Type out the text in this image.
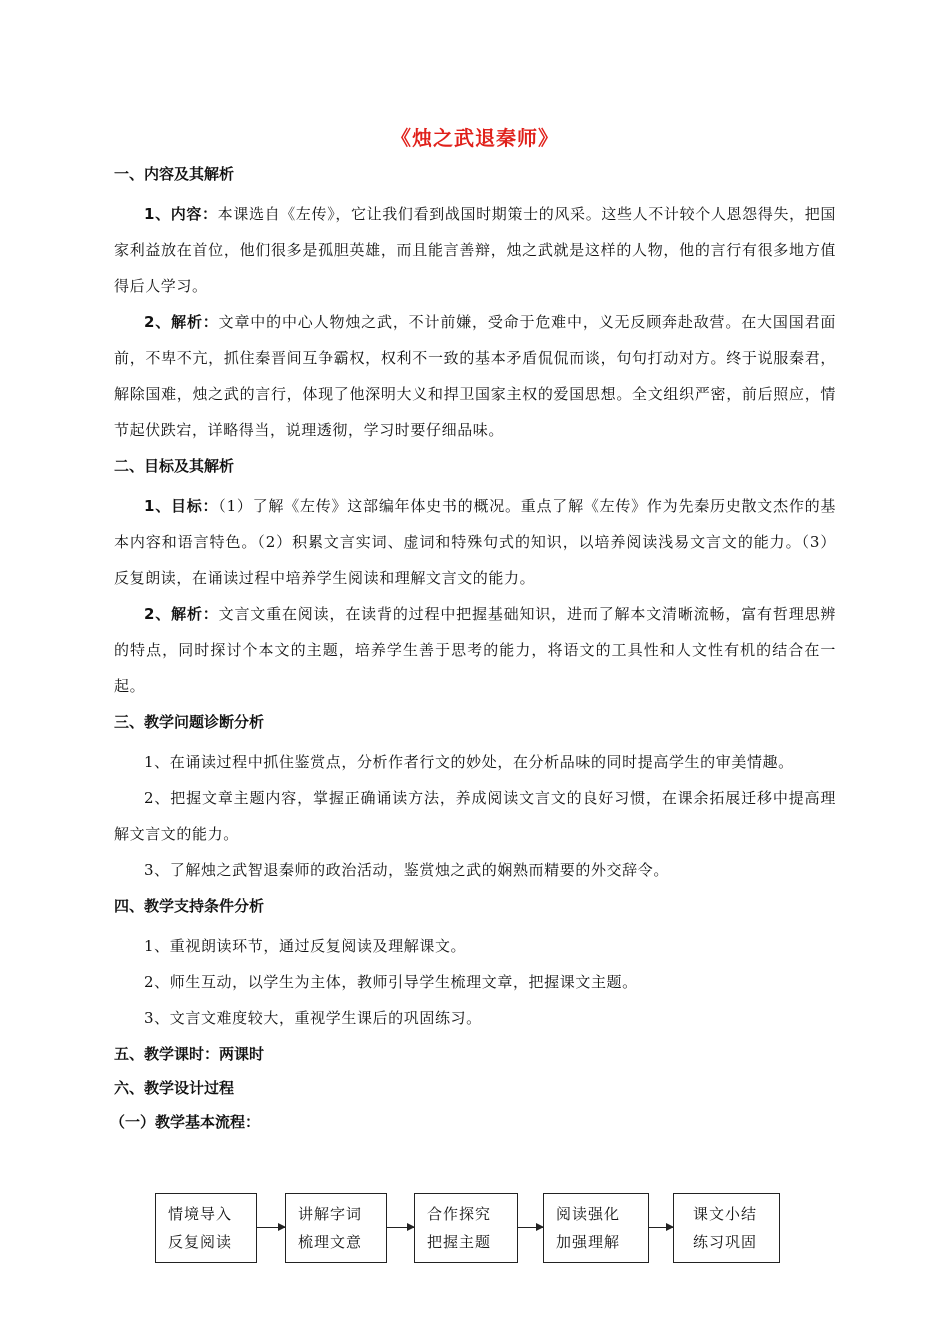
《烛之武退秦师》
一、内容及其解析
1、内容：本课选自《左传》，它让我们看到战国时期策士的风采。这些人不计较个人恩怨得失，把国家利益放在首位，他们很多是孤胆英雄，而且能言善辩，烛之武就是这样的人物，他的言行有很多地方值得后人学习。
2、解析：文章中的中心人物烛之武，不计前嫌，受命于危难中，义无反顾奔赴敌营。在大国国君面前，不卑不亢，抓住秦晋间互争霸权，权利不一致的基本矛盾侃侃而谈，句句打动对方。终于说服秦君，解除国难，烛之武的言行，体现了他深明大义和捍卫国家主权的爱国思想。全文组织严密，前后照应，情节起伏跌宕，详略得当，说理透彻，学习时要仔细品味。
二、目标及其解析
1、目标：（1）了解《左传》这部编年体史书的概况。重点了解《左传》作为先秦历史散文杰作的基本内容和语言特色。（2）积累文言实词、虚词和特殊句式的知识，以培养阅读浅易文言文的能力。（3）反复朗读，在诵读过程中培养学生阅读和理解文言文的能力。
2、解析：文言文重在阅读，在读背的过程中把握基础知识，进而了解本文清晰流畅，富有哲理思辨的特点，同时探讨个本文的主题，培养学生善于思考的能力，将语文的工具性和人文性有机的结合在一起。
三、教学问题诊断分析
1、在诵读过程中抓住鉴赏点，分析作者行文的妙处，在分析品味的同时提高学生的审美情趣。
2、把握文章主题内容，掌握正确诵读方法，养成阅读文言文的良好习惯，在课余拓展迁移中提高理解文言文的能力。
3、了解烛之武智退秦师的政治活动，鉴赏烛之武的娴熟而精要的外交辞令。
四、教学支持条件分析
1、重视朗读环节，通过反复阅读及理解课文。
2、师生互动，以学生为主体，教师引导学生梳理文章，把握课文主题。
3、文言文难度较大，重视学生课后的巩固练习。
五、教学课时：两课时
六、教学设计过程
（一）教学基本流程：
情境导入
反复阅读
讲解字词
梳理文意
合作探究
把握主题
阅读强化
加强理解
课文小结
练习巩固
